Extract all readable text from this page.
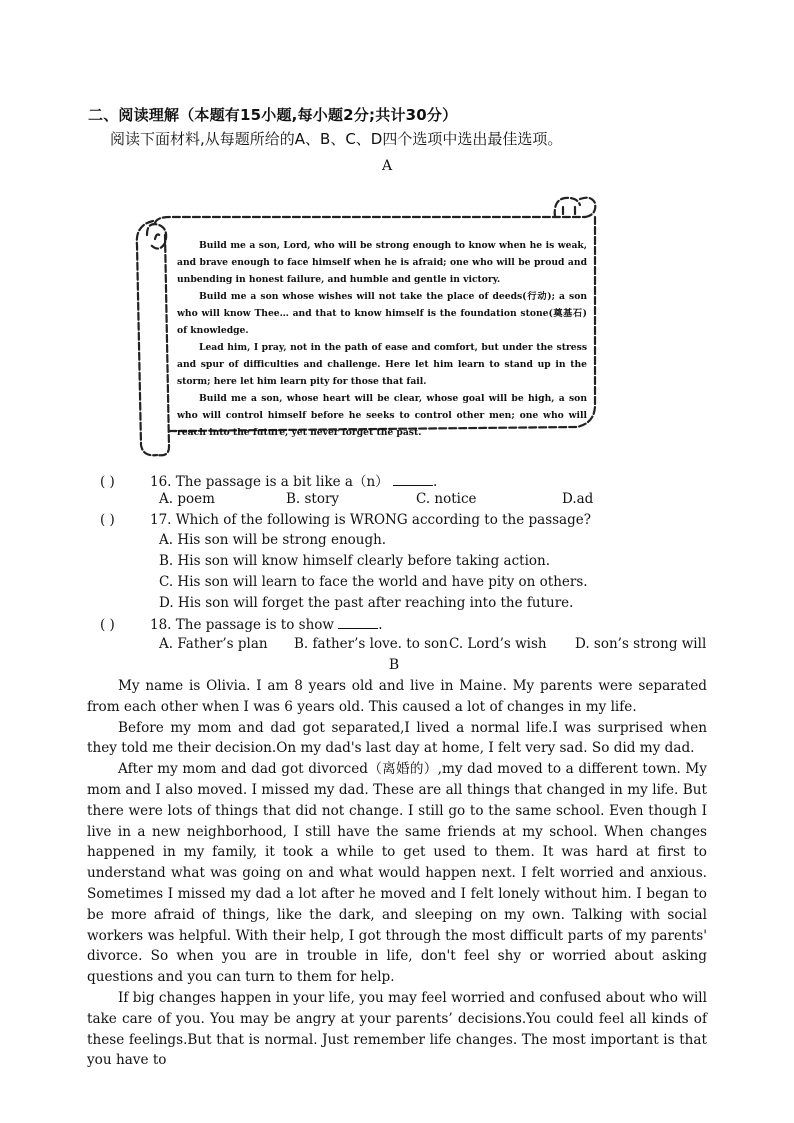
二、阅读理解（本题有15小题,每小题2分;共计30分）
阅读下面材料,从每题所给的A、B、C、D四个选项中选出最佳选项。
A

Build me a son, Lord, who will be strong enough to know when he is weak, and brave enough to face himself when he is afraid; one who will be proud and unbending in honest failure, and humble and gentle in victory.

Build me a son whose wishes will not take the place of deeds(行动); a son who will know Thee… and that to know himself is the foundation stone(奠基石) of knowledge.

Lead him, I pray, not in the path of ease and comfort, but under the stress and spur of difficulties and challenge. Here let him learn to stand up in the storm; here let him learn pity for those that fail.

Build me a son, whose heart will be clear, whose goal will be high, a son who will control himself before he seeks to control other men; one who will reach into the future, yet never forget the past.

( )	16. The passage is a bit like a（n）	.
A. poem	B. story	C. notice	D.ad
( )	17. Which of the following is WRONG according to the passage?
A. His son will be strong enough.
B. His son will know himself clearly before taking action.
C. His son will learn to face the world and have pity on others.
D. His son will forget the past after reaching into the future.
( )	18. The passage is to show	.
A. Father’s plan B. father’s love. to son C. Lord’s wish D. son’s strong will
B

My name is Olivia. I am 8 years old and live in Maine. My parents were separated from each other when I was 6 years old. This caused a lot of changes in my life.

Before my mom and dad got separated,I lived a normal life.I was surprised when they told me their decision.On my dad's last day at home, I felt very sad. So did my dad.

After my mom and dad got divorced（离婚的）,my dad moved to a different town. My mom and I also moved. I missed my dad. These are all things that changed in my life. But there were lots of things that did not change. I still go to the same school. Even though I live in a new neighborhood, I still have the same friends at my school. When changes happened in my family, it took a while to get used to them. It was hard at first to understand what was going on and what would happen next. I felt worried and anxious. Sometimes I missed my dad a lot after he moved and I felt lonely without him. I began to be more afraid of things, like the dark, and sleeping on my own. Talking with social workers was helpful. With their help, I got through the most difficult parts of my parents' divorce. So when you are in trouble in life, don't feel shy or worried about asking questions and you can turn to them for help.

If big changes happen in your life, you may feel worried and confused about who will take care of you. You may be angry at your parents’ decisions.You could feel all kinds of these feelings.But that is normal. Just remember life changes. The most important is that you have to
